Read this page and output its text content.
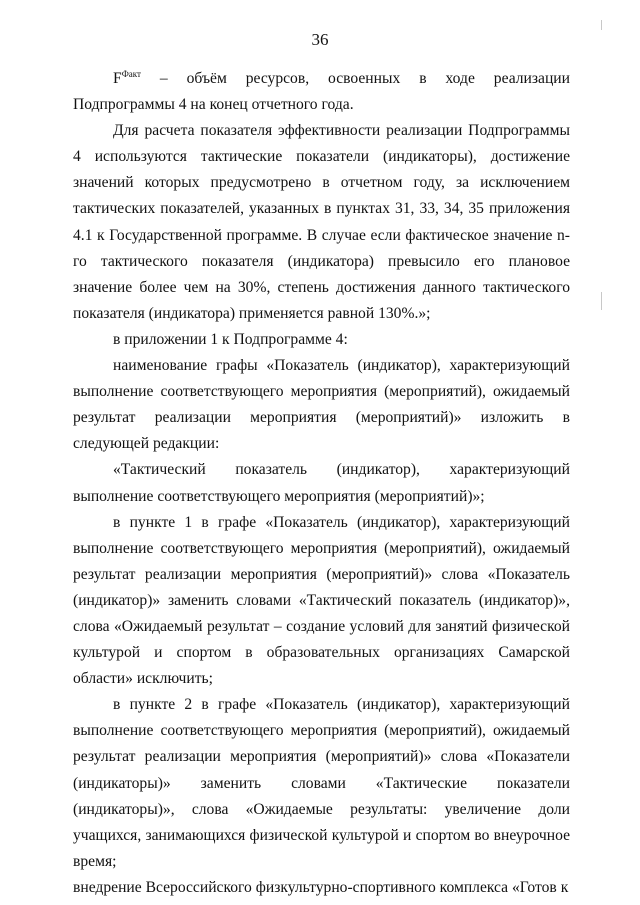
36

$F^{Факт}$ – объём ресурсов, освоенных в ходе реализации Подпрограммы 4 на конец отчетного года.

Для расчета показателя эффективности реализации Подпрограммы 4 используются тактические показатели (индикаторы), достижение значений которых предусмотрено в отчетном году, за исключением тактических показателей, указанных в пунктах 31, 33, 34, 35 приложения 4.1 к Государственной программе. В случае если фактическое значение n-го тактического показателя (индикатора) превысило его плановое значение более чем на 30%, степень достижения данного тактического показателя (индикатора) применяется равной 130%.»;

в приложении 1 к Подпрограмме 4:

наименование графы «Показатель (индикатор), характеризующий выполнение соответствующего мероприятия (мероприятий), ожидаемый результат реализации мероприятия (мероприятий)» изложить в следующей редакции:

«Тактический показатель (индикатор), характеризующий выполнение соответствующего мероприятия (мероприятий)»;

в пункте 1 в графе «Показатель (индикатор), характеризующий выполнение соответствующего мероприятия (мероприятий), ожидаемый результат реализации мероприятия (мероприятий)» слова «Показатель (индикатор)» заменить словами «Тактический показатель (индикатор)», слова «Ожидаемый результат – создание условий для занятий физической культурой и спортом в образовательных организациях Самарской области» исключить;

в пункте 2 в графе «Показатель (индикатор), характеризующий выполнение соответствующего мероприятия (мероприятий), ожидаемый результат реализации мероприятия (мероприятий)» слова «Показатели (индикаторы)» заменить словами «Тактические показатели (индикаторы)», слова «Ожидаемые результаты: увеличение доли учащихся, занимающихся физической культурой и спортом во внеурочное время;

внедрение Всероссийского физкультурно-спортивного комплекса «Готов к
